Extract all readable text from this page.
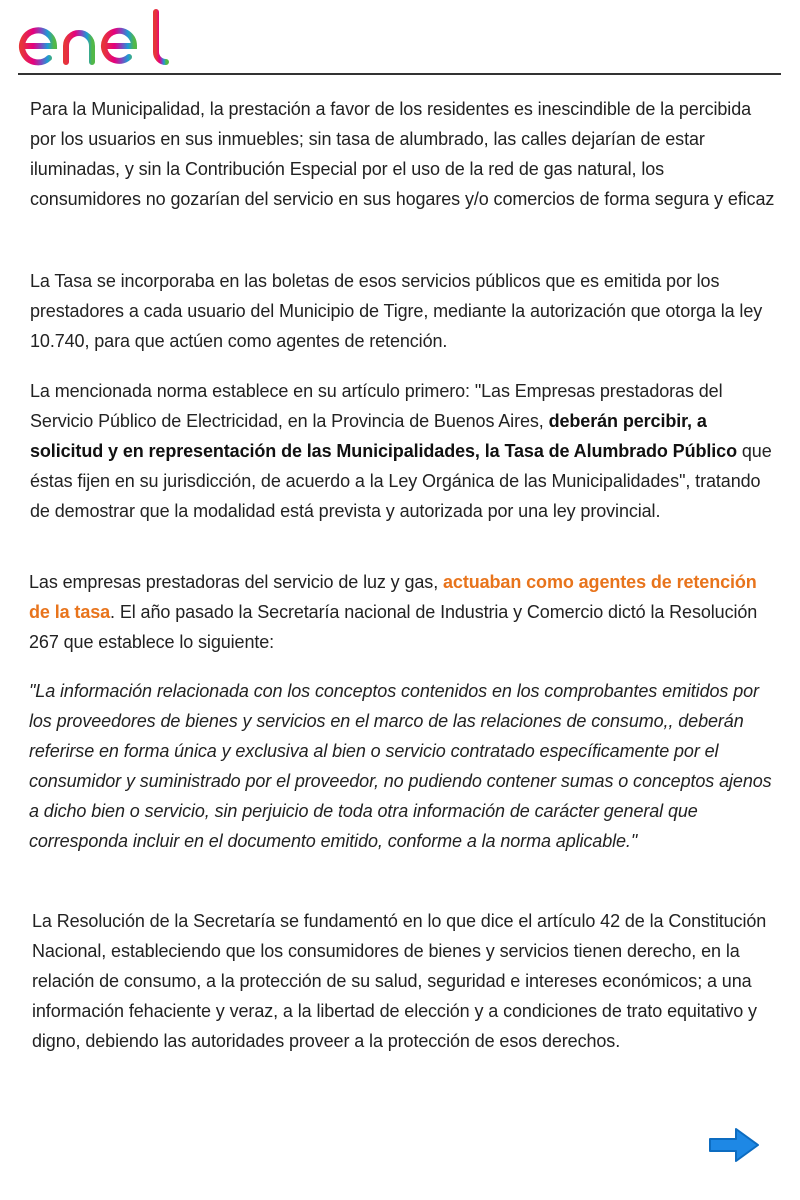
Para la Municipalidad, la prestación a favor de los residentes es inescindible de la percibida por los usuarios en sus inmuebles; sin tasa de alumbrado, las calles dejarían de estar iluminadas, y sin la Contribución Especial por el uso de la red de gas natural, los consumidores no gozarían del servicio en sus hogares y/o comercios de forma segura y eficaz

La Tasa se incorporaba en las boletas de esos servicios públicos que es emitida por los prestadores a cada usuario del Municipio de Tigre, mediante la autorización que otorga la ley 10.740, para que actúen como agentes de retención.

La mencionada norma establece en su artículo primero: "Las Empresas prestadoras del Servicio Público de Electricidad, en la Provincia de Buenos Aires, deberán percibir, a solicitud y en representación de las Municipalidades, la Tasa de Alumbrado Público que éstas fijen en su jurisdicción, de acuerdo a la Ley Orgánica de las Municipalidades", tratando de demostrar que la modalidad está prevista y autorizada por una ley provincial.

Las empresas prestadoras del servicio de luz y gas, actuaban como agentes de retención de la tasa. El año pasado la Secretaría nacional de Industria y Comercio dictó la Resolución 267 que establece lo siguiente:

"La información relacionada con los conceptos contenidos en los comprobantes emitidos por los proveedores de bienes y servicios en el marco de las relaciones de consumo,, deberán referirse en forma única y exclusiva al bien o servicio contratado específicamente por el consumidor y suministrado por el proveedor, no pudiendo contener sumas o conceptos ajenos a dicho bien o servicio, sin perjuicio de toda otra información de carácter general que corresponda incluir en el documento emitido, conforme a la norma aplicable."

La Resolución de la Secretaría se fundamentó en lo que dice el artículo 42 de la Constitución Nacional, estableciendo que los consumidores de bienes y servicios tienen derecho, en la relación de consumo, a la protección de su salud, seguridad e intereses económicos; a una información fehaciente y veraz, a la libertad de elección y a condiciones de trato equitativo y digno, debiendo las autoridades proveer a la protección de esos derechos.
